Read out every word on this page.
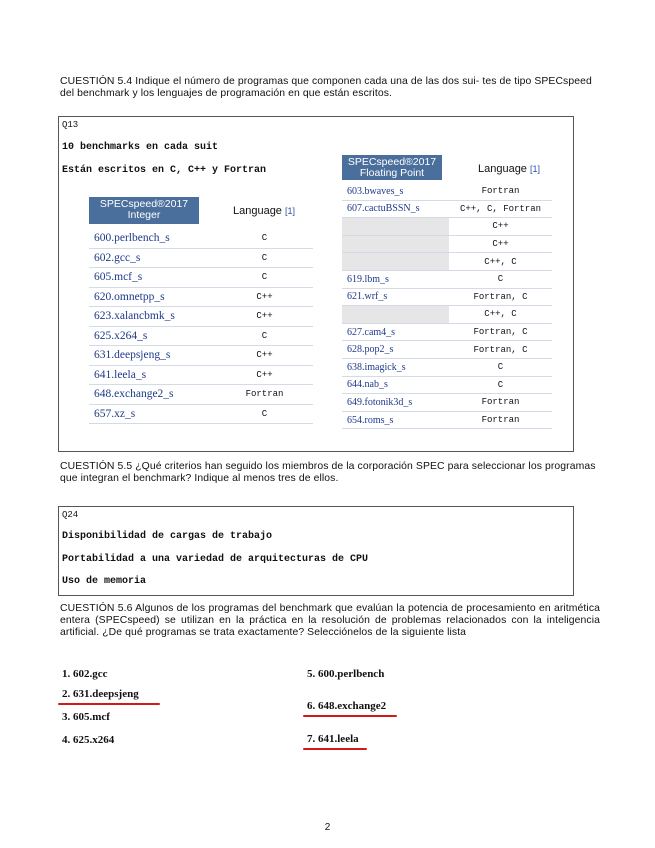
CUESTIÓN 5.4 Indique el número de programas que componen cada una de las dos sui- tes de tipo SPECspeed del benchmark y los lenguajes de programación en que están escritos.
Q13
10 benchmarks en cada suit
Están escritos en C, C++ y Fortran
SPECspeed®2017 Integer	Language [1]
600.perlbench_s	C
602.gcc_s	C
605.mcf_s	C
620.omnetpp_s	C++
623.xalancbmk_s	C++
625.x264_s	C
631.deepsjeng_s	C++
641.leela_s	C++
648.exchange2_s	Fortran
657.xz_s	C
SPECspeed®2017 Floating Point	Language [1]
603.bwaves_s	Fortran
607.cactuBSSN_s	C++, C, Fortran
	C++
	C++
	C++, C
619.lbm_s	C
621.wrf_s	Fortran, C
	C++, C
627.cam4_s	Fortran, C
628.pop2_s	Fortran, C
638.imagick_s	C
644.nab_s	C
649.fotonik3d_s	Fortran
654.roms_s	Fortran
CUESTIÓN 5.5 ¿Qué criterios han seguido los miembros de la corporación SPEC para seleccionar los programas que integran el benchmark? Indique al menos tres de ellos.
Q24
Disponibilidad de cargas de trabajo
Portabilidad a una variedad de arquitecturas de CPU
Uso de memoria
CUESTIÓN 5.6 Algunos de los programas del benchmark que evalúan la potencia de procesamiento en aritmética entera (SPECspeed) se utilizan en la práctica en la resolución de problemas relacionados con la inteligencia artificial. ¿De qué programas se trata exactamente? Selecciónelos de la siguiente lista
1. 602.gcc
2. 631.deepsjeng
3. 605.mcf
4. 625.x264
5. 600.perlbench
6. 648.exchange2
7. 641.leela
2
